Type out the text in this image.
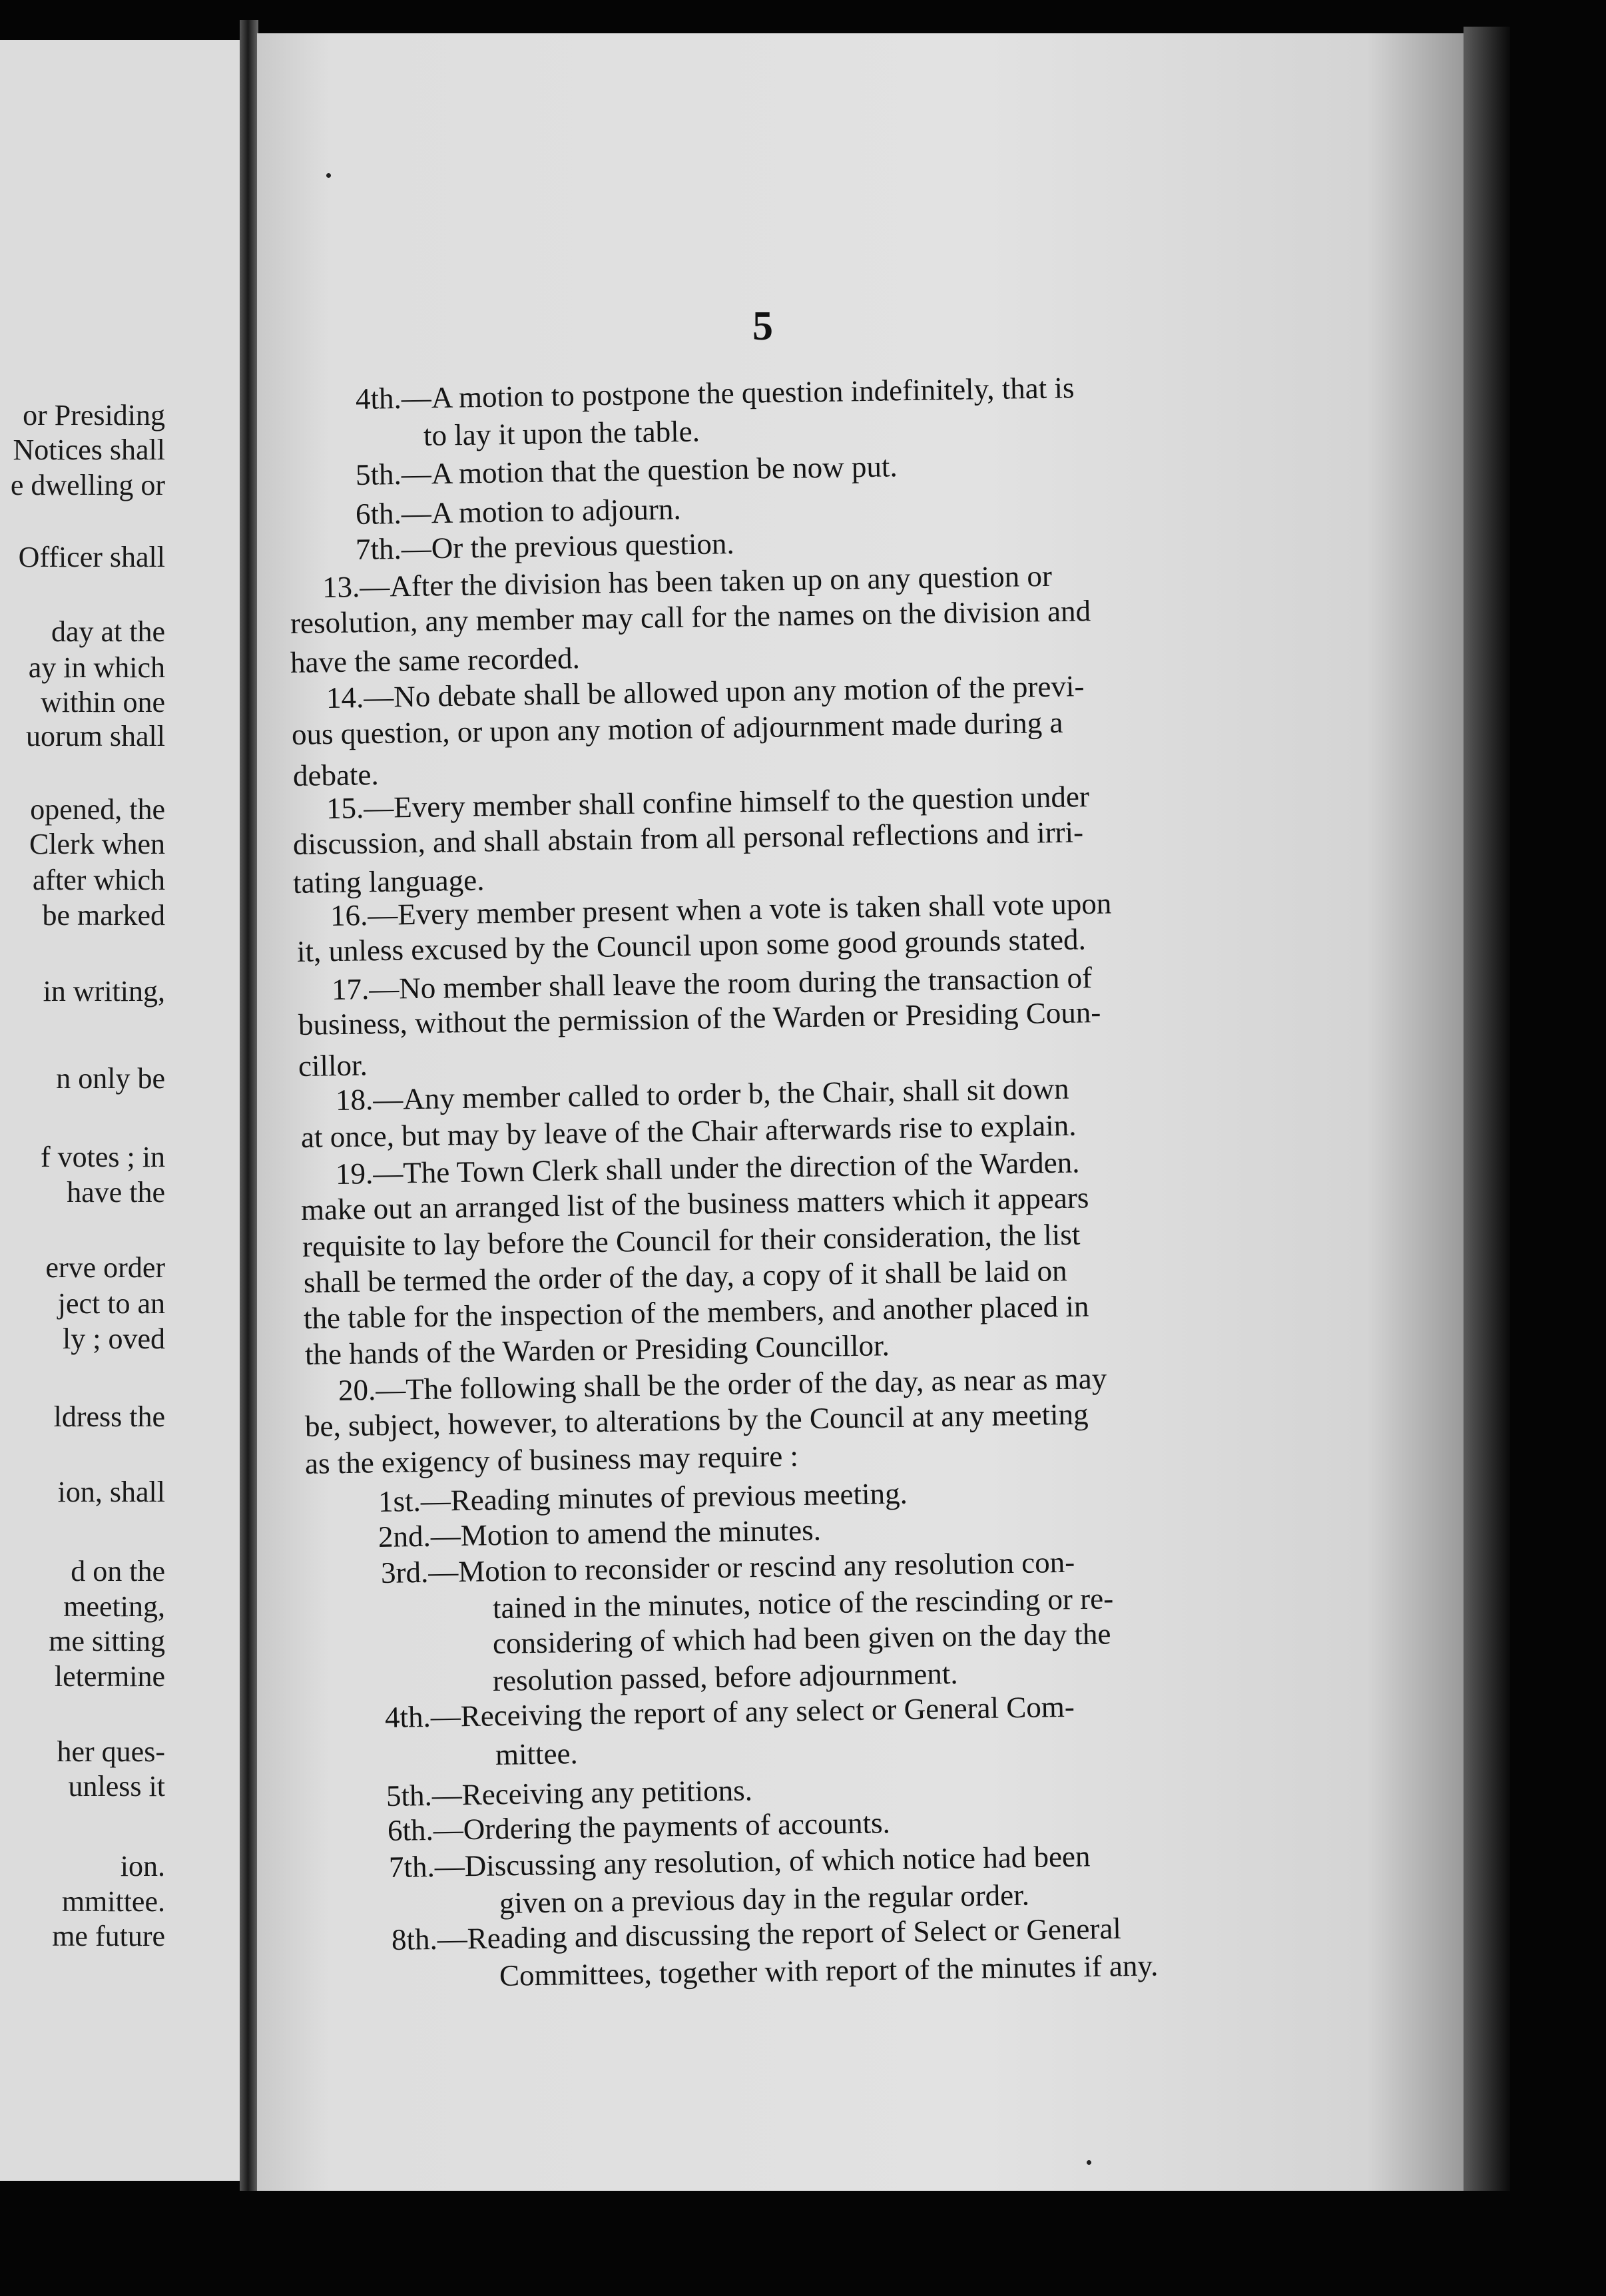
or Presiding
Notices shall
e dwelling or
Officer shall
day at the
ay in which
within one
uorum shall
opened, the
Clerk when
after which
be marked
in writing,
n only be
f votes ; in
have the
erve order
ject to an
ly ; oved
ldress the
ion, shall
d on the
meeting,
me sitting
letermine
her ques-
unless it
ion.
mmittee.
me future
5
4th.—A motion to postpone the question indefinitely, that is
to lay it upon the table.
5th.—A motion that the question be now put.
6th.—A motion to adjourn.
7th.—Or the previous question.
13.—After the division has been taken up on any question or
resolution, any member may call for the names on the division and
have the same recorded.
14.—No debate shall be allowed upon any motion of the previ-
ous question, or upon any motion of adjournment made during a
debate.
15.—Every member shall confine himself to the question under
discussion, and shall abstain from all personal reflections and irri-
tating language.
16.—Every member present when a vote is taken shall vote upon
it, unless excused by the Council upon some good grounds stated.
17.—No member shall leave the room during the transaction of
business, without the permission of the Warden or Presiding Coun-
cillor.
18.—Any member called to order b, the Chair, shall sit down
at once, but may by leave of the Chair afterwards rise to explain.
19.—The Town Clerk shall under the direction of the Warden.
make out an arranged list of the business matters which it appears
requisite to lay before the Council for their consideration, the list
shall be termed the order of the day, a copy of it shall be laid on
the table for the inspection of the members, and another placed in
the hands of the Warden or Presiding Councillor.
20.—The following shall be the order of the day, as near as may
be, subject, however, to alterations by the Council at any meeting
as the exigency of business may require :
1st.—Reading minutes of previous meeting.
2nd.—Motion to amend the minutes.
3rd.—Motion to reconsider or rescind any resolution con-
tained in the minutes, notice of the rescinding or re-
considering of which had been given on the day the
resolution passed, before adjournment.
4th.—Receiving the report of any select or General Com-
mittee.
5th.—Receiving any petitions.
6th.—Ordering the payments of accounts.
7th.—Discussing any resolution, of which notice had been
given on a previous day in the regular order.
8th.—Reading and discussing the report of Select or General
Committees, together with report of the minutes if any.
